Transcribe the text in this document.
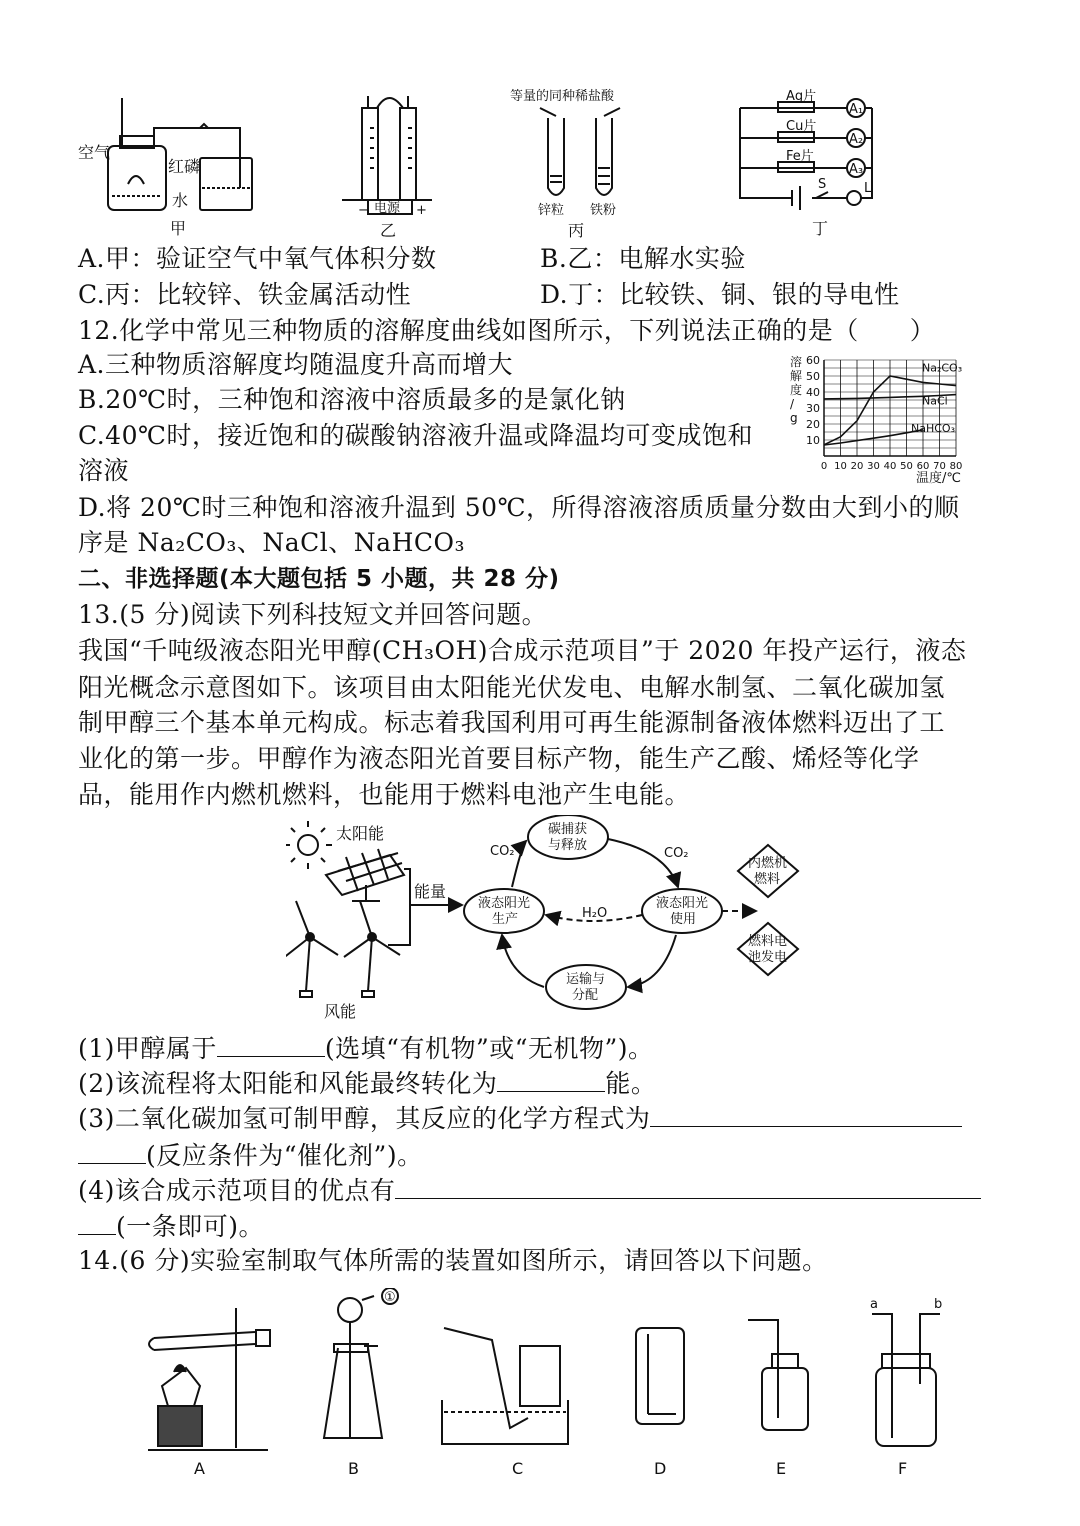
空气
红磷
水
甲
电源
−	+
乙
等量的同种稀盐酸
锌粒 铁粉
丙
Ag片
Cu片
Fe片
A₁
A₂
A₃
S	L
丁
A.甲：验证空气中氧气体积分数	B.乙：电解水实验
C.丙：比较锌、铁金属活动性	D.丁：比较铁、铜、银的导电性
12.化学中常见三种物质的溶解度曲线如图所示，下列说法正确的是（　　）
A.三种物质溶解度均随温度升高而增大
B.20℃时，三种饱和溶液中溶质最多的是氯化钠
C.40℃时，接近饱和的碳酸钠溶液升温或降温均可变成饱和
溶液
D.将 20℃时三种饱和溶液升温到 50℃，所得溶液溶质质量分数由大到小的顺
序是 Na₂CO₃、NaCl、NaHCO₃
溶
解
度
/
g
10
20
30
40
50
60
0 10 20 30 40 50 60 70 80
Na₂CO₃
NaCl
NaHCO₃
温度/℃
二、非选择题(本大题包括 5 小题，共 28 分)
13.(5 分)阅读下列科技短文并回答问题。
我国“千吨级液态阳光甲醇(CH₃OH)合成示范项目”于 2020 年投产运行，液态
阳光概念示意图如下。该项目由太阳能光伏发电、电解水制氢、二氧化碳加氢
制甲醇三个基本单元构成。标志着我国利用可再生能源制备液体燃料迈出了工
业化的第一步。甲醇作为液态阳光首要目标产物，能生产乙酸、烯烃等化学
品，能用作内燃机燃料，也能用于燃料电池产生电能。
太阳能
风能
能量
碳捕获
与释放
液态阳光
生产
液态阳光
使用
运输与
分配
CO₂	CO₂
H₂O
内燃机
燃料
燃料电
池发电
(1)甲醇属于	(选填“有机物”或“无机物”)。
(2)该流程将太阳能和风能最终转化为	能。
(3)二氧化碳加氢可制甲醇，其反应的化学方程式为
(反应条件为“催化剂”)。
(4)该合成示范项目的优点有
(一条即可)。
14.(6 分)实验室制取气体所需的装置如图所示，请回答以下问题。
A
①
B	C	D	E
a	b
F
